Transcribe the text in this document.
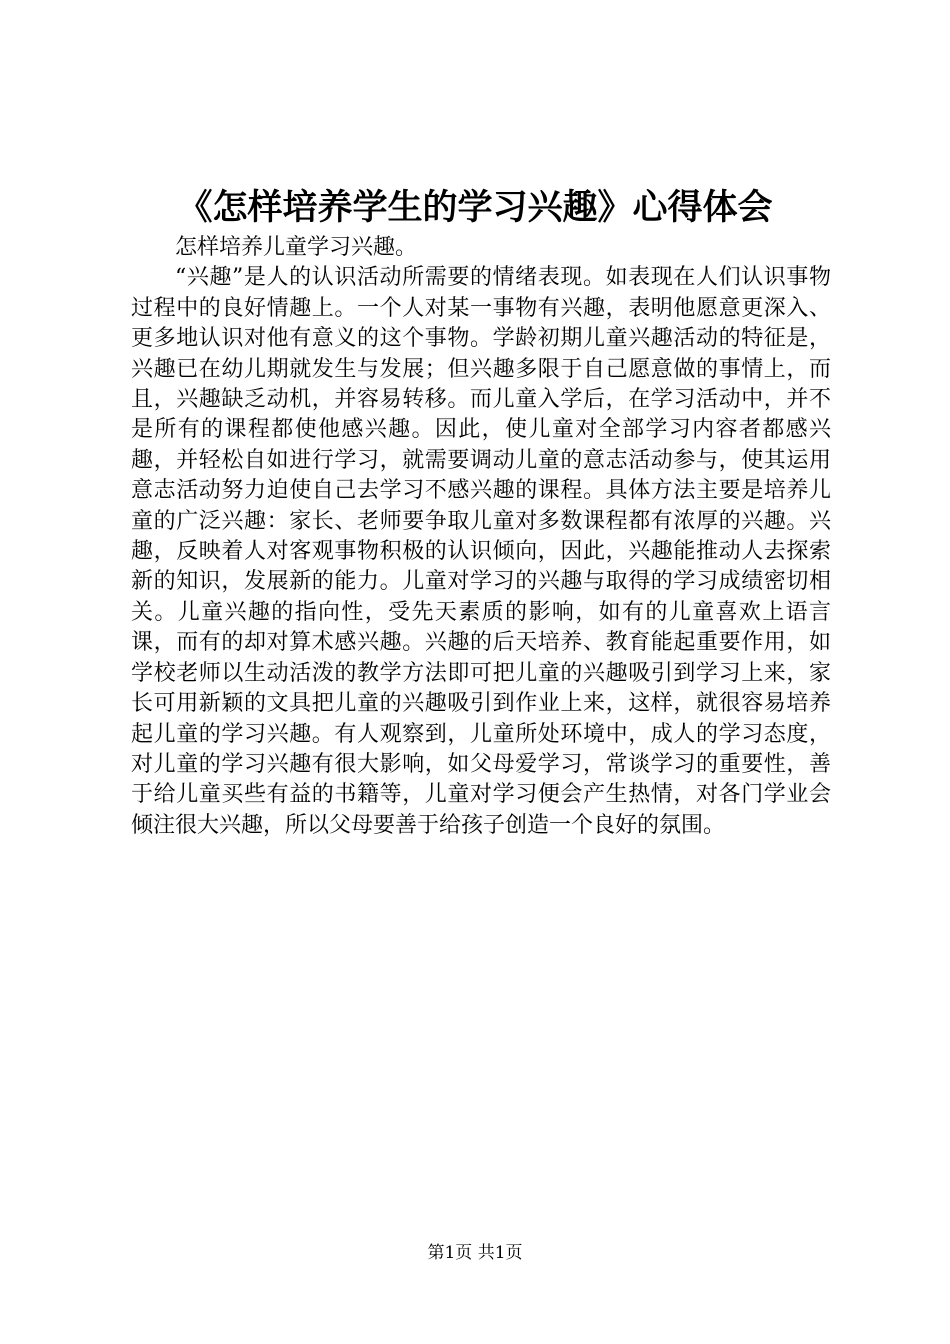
《怎样培养学生的学习兴趣》心得体会

怎样培养儿童学习兴趣。

“兴趣”是人的认识活动所需要的情绪表现。如表现在人们认识事物过程中的良好情趣上。一个人对某一事物有兴趣，表明他愿意更深入、更多地认识对他有意义的这个事物。学龄初期儿童兴趣活动的特征是，兴趣已在幼儿期就发生与发展；但兴趣多限于自己愿意做的事情上，而且，兴趣缺乏动机，并容易转移。而儿童入学后，在学习活动中，并不是所有的课程都使他感兴趣。因此，使儿童对全部学习内容者都感兴趣，并轻松自如进行学习，就需要调动儿童的意志活动参与，使其运用意志活动努力迫使自己去学习不感兴趣的课程。具体方法主要是培养儿童的广泛兴趣：家长、老师要争取儿童对多数课程都有浓厚的兴趣。兴趣，反映着人对客观事物积极的认识倾向，因此，兴趣能推动人去探索新的知识，发展新的能力。儿童对学习的兴趣与取得的学习成绩密切相关。儿童兴趣的指向性，受先天素质的影响，如有的儿童喜欢上语言课，而有的却对算术感兴趣。兴趣的后天培养、教育能起重要作用，如学校老师以生动活泼的教学方法即可把儿童的兴趣吸引到学习上来，家长可用新颖的文具把儿童的兴趣吸引到作业上来，这样，就很容易培养起儿童的学习兴趣。有人观察到，儿童所处环境中，成人的学习态度，对儿童的学习兴趣有很大影响，如父母爱学习，常谈学习的重要性，善于给儿童买些有益的书籍等，儿童对学习便会产生热情，对各门学业会倾注很大兴趣，所以父母要善于给孩子创造一个良好的氛围。

第1页 共1页
